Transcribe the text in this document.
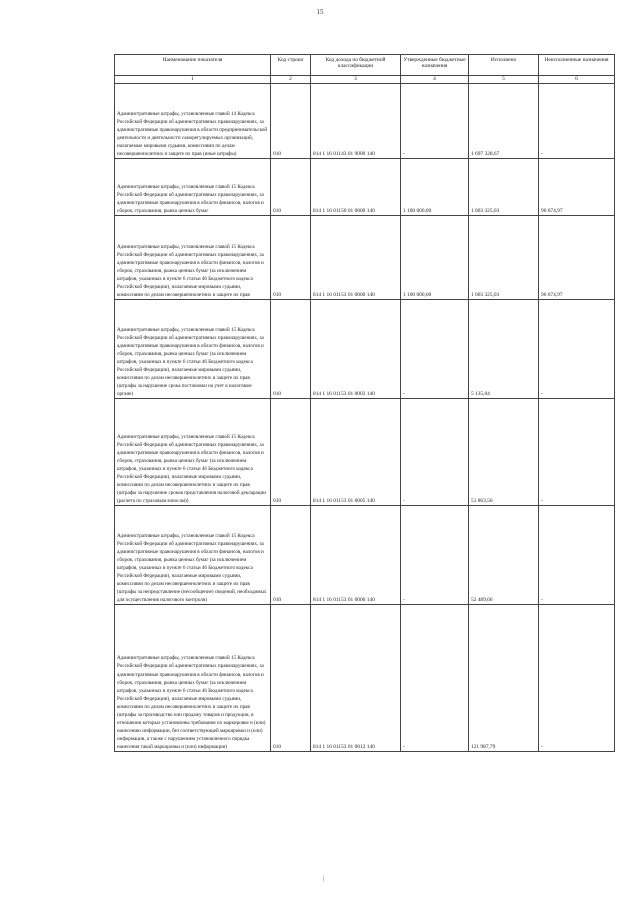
15
Наименование показателя	Код строки	Код дохода по бюджетной классификации	Утвержденные бюджетные назначения	Исполнено	Неисполненные назначения
1	2	3	4	5	6
Административные штрафы, установленные главой 14 Кодекса Российской Федерации об административных правонарушениях, за административные правонарушения в области предпринимательской деятельности и деятельности саморегулируемых организаций, налагаемые мировыми судьями, комиссиями по делам несовершеннолетних и защите их прав (иные штрафы)	010	814 1 16 01143 01 9000 140	-	1 697 328,67	-
Административные штрафы, установленные главой 15 Кодекса Российской Федерации об административных правонарушениях, за административные правонарушения в области финансов, налогов и сборов, страхования, рынка ценных бумаг	010	814 1 16 01150 01 0000 140	1 100 000,00	1 003 325,03	96 674,97
Административные штрафы, установленные главой 15 Кодекса Российской Федерации об административных правонарушениях, за административные правонарушения в области финансов, налогов и сборов, страхования, рынка ценных бумаг (за исключением штрафов, указанных в пункте 6 статьи 46 Бюджетного кодекса Российской Федерации), налагаемые мировыми судьями, комиссиями по делам несовершеннолетних и защите их прав	010	814 1 16 01153 01 0000 140	1 100 000,00	1 003 325,03	96 674,97
Административные штрафы, установленные главой 15 Кодекса Российской Федерации об административных правонарушениях, за административные правонарушения в области финансов, налогов и сборов, страхования, рынка ценных бумаг (за исключением штрафов, указанных в пункте 6 статьи 46 Бюджетного кодекса Российской Федерации), налагаемые мировыми судьями, комиссиями по делам несовершеннолетних и защите их прав (штрафы за нарушение срока постановки на учет в налоговом органе)	010	814 1 16 01153 01 0003 140	-	5 135,04	-
Административные штрафы, установленные главой 15 Кодекса Российской Федерации об административных правонарушениях, за административные правонарушения в области финансов, налогов и сборов, страхования, рынка ценных бумаг (за исключением штрафов, указанных в пункте 6 статьи 46 Бюджетного кодекса Российской Федерации), налагаемые мировыми судьями, комиссиями по делам несовершеннолетних и защите их прав (штрафы за нарушение сроков представления налоговой декларации (расчета по страховым взносам))	010	814 1 16 01153 01 0005 140	-	51 863,56	-
Административные штрафы, установленные главой 15 Кодекса Российской Федерации об административных правонарушениях, за административные правонарушения в области финансов, налогов и сборов, страхования, рынка ценных бумаг (за исключением штрафов, указанных в пункте 6 статьи 46 Бюджетного кодекса Российской Федерации), налагаемые мировыми судьями, комиссиями по делам несовершеннолетних и защите их прав (штрафы за непредставление (несообщение) сведений, необходимых для осуществления налогового контроля)	010	814 1 16 01153 01 0006 140	-	52 489,66	-
Административные штрафы, установленные главой 15 Кодекса Российской Федерации об административных правонарушениях, за административные правонарушения в области финансов, налогов и сборов, страхования, рынка ценных бумаг (за исключением штрафов, указанных в пункте 6 статьи 46 Бюджетного кодекса Российской Федерации), налагаемые мировыми судьями, комиссиями по делам несовершеннолетних и защите их прав (штрафы за производство или продажу товаров и продукции, в отношении которых установлены требования по маркировке и (или) нанесению информации, без соответствующей маркировки и (или) информации, а также с нарушением установленного порядка нанесения такой маркировки и (или) информации)	010	814 1 16 01153 01 0012 140	-	121 987,79	-
|
